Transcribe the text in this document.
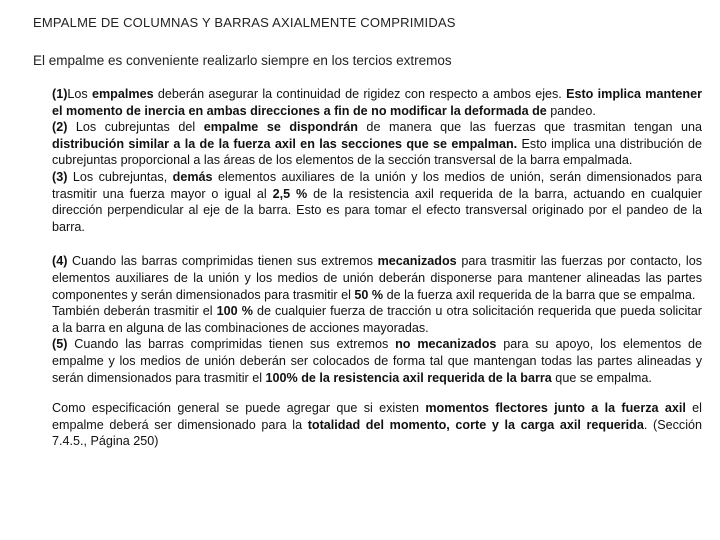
EMPALME DE COLUMNAS Y BARRAS AXIALMENTE COMPRIMIDAS
El empalme es conveniente realizarlo siempre en los tercios extremos

(1)Los empalmes deberán asegurar la continuidad de rigidez con respecto a ambos ejes. Esto implica mantener el momento de inercia en ambas direcciones a fin de no modificar la deformada de pandeo.

(2) Los cubrejuntas del empalme se dispondrán de manera que las fuerzas que trasmitan tengan una distribución similar a la de la fuerza axil en las secciones que se empalman. Esto implica una distribución de cubrejuntas proporcional a las áreas de los elementos de la sección transversal de la barra empalmada.

(3) Los cubrejuntas, demás elementos auxiliares de la unión y los medios de unión, serán dimensionados para trasmitir una fuerza mayor o igual al 2,5 % de la resistencia axil requerida de la barra, actuando en cualquier dirección perpendicular al eje de la barra. Esto es para tomar el efecto transversal originado por el pandeo de la barra.

(4) Cuando las barras comprimidas tienen sus extremos mecanizados para trasmitir las fuerzas por contacto, los elementos auxiliares de la unión y los medios de unión deberán disponerse para mantener alineadas las partes componentes y serán dimensionados para trasmitir el 50 % de la fuerza axil requerida de la barra que se empalma.

También deberán trasmitir el 100 % de cualquier fuerza de tracción u otra solicitación requerida que pueda solicitar a la barra en alguna de las combinaciones de acciones mayoradas.

(5) Cuando las barras comprimidas tienen sus extremos no mecanizados para su apoyo, los elementos de empalme y los medios de unión deberán ser colocados de forma tal que mantengan todas las partes alineadas y serán dimensionados para trasmitir el 100% de la resistencia axil requerida de la barra que se empalma.

Como especificación general se puede agregar que si existen momentos flectores junto a la fuerza axil el empalme deberá ser dimensionado para la totalidad del momento, corte y la carga axil requerida. (Sección 7.4.5., Página 250)
